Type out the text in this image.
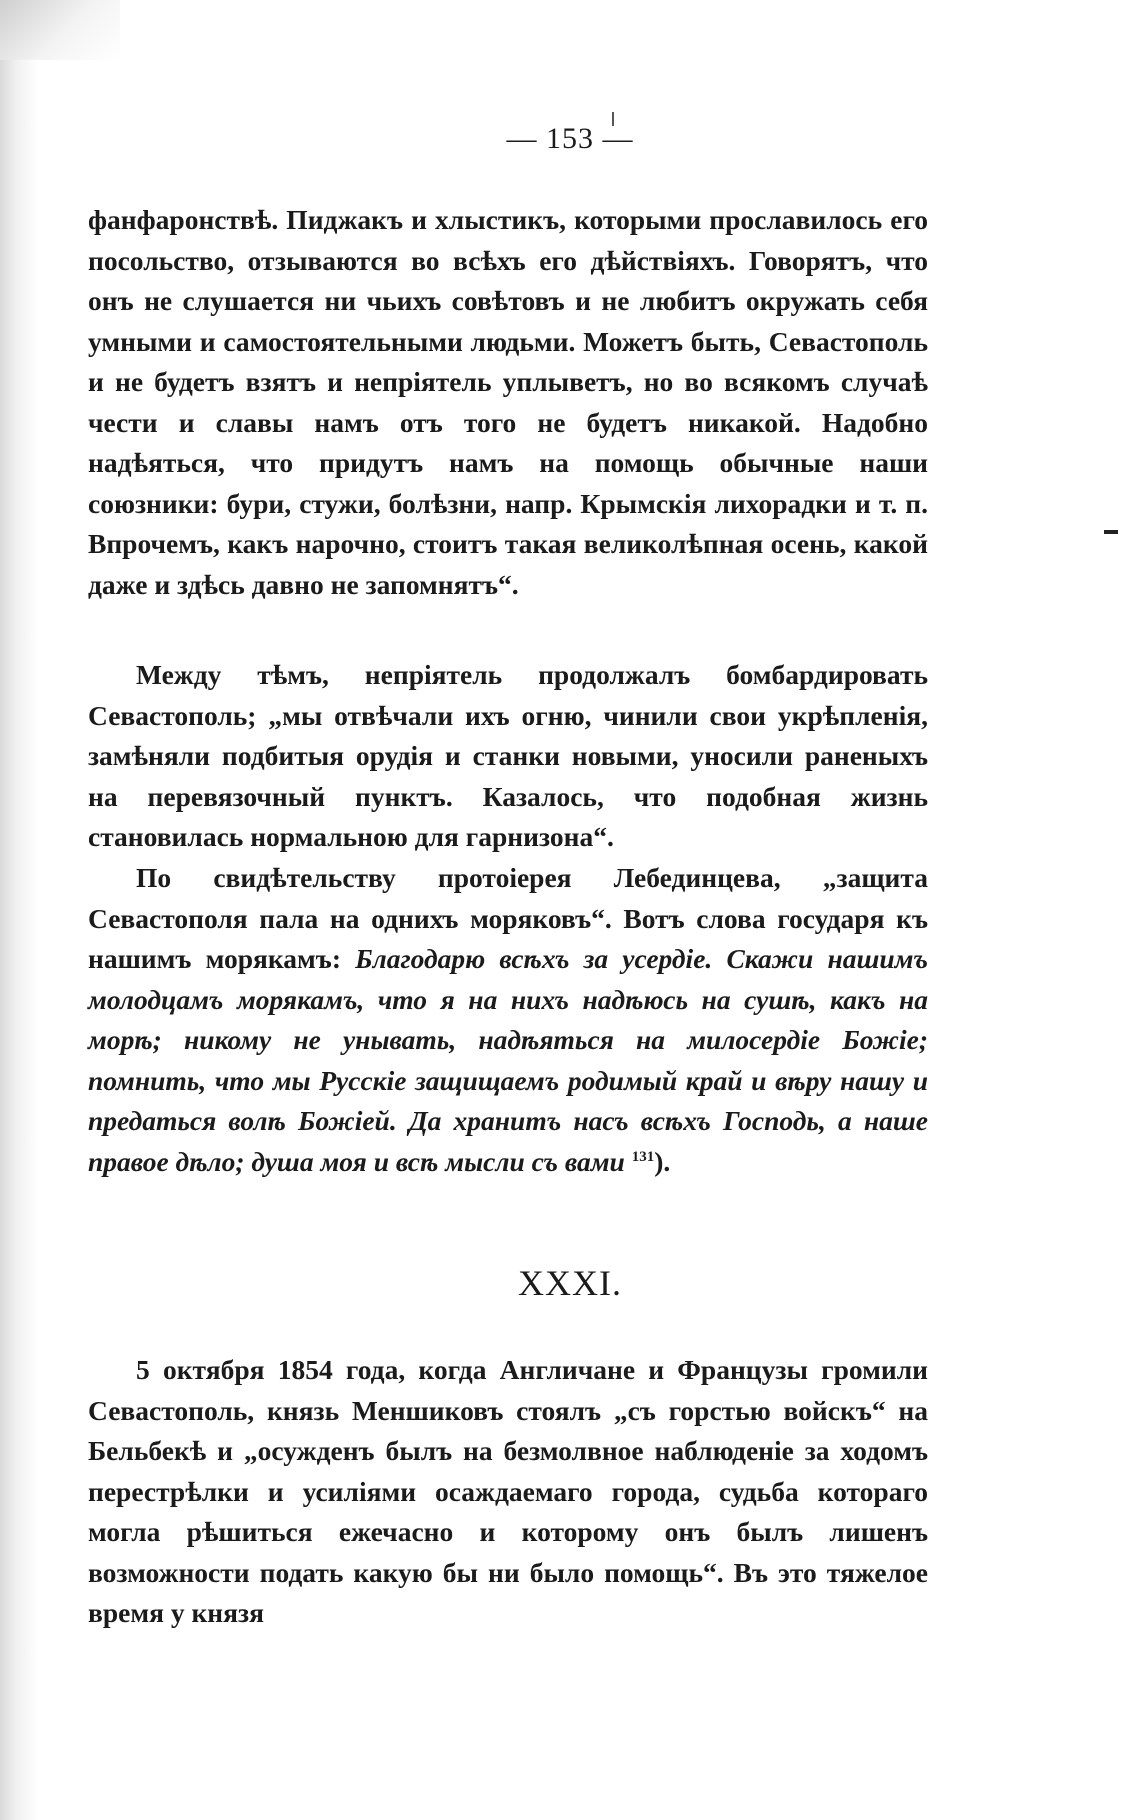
— 153 —

фанфаронствѣ. Пиджакъ и хлыстикъ, которыми прославилось его посольство, отзываются во всѣхъ его дѣйствіяхъ. Говорятъ, что онъ не слушается ни чьихъ совѣтовъ и не любитъ окружать себя умными и самостоятельными людьми. Можетъ быть, Севастополь и не будетъ взятъ и непріятель уплыветъ, но во всякомъ случаѣ чести и славы намъ отъ того не будетъ никакой. Надобно надѣяться, что придутъ намъ на помощь обычные наши союзники: бури, стужи, болѣзни, напр. Крымскія лихорадки и т. п. Впрочемъ, какъ нарочно, стоитъ такая великолѣпная осень, какой даже и здѣсь давно не запомнятъ“.

Между тѣмъ, непріятель продолжалъ бомбардировать Севастополь; „мы отвѣчали ихъ огню, чинили свои укрѣпленія, замѣняли подбитыя орудія и станки новыми, уносили раненыхъ на перевязочный пунктъ. Казалось, что подобная жизнь становилась нормальною для гарнизона“.

По свидѣтельству протоіерея Лебединцева, „защита Севастополя пала на однихъ моряковъ“. Вотъ слова государя къ нашимъ морякамъ: Благодарю всѣхъ за усердіе. Скажи нашимъ молодцамъ морякамъ, что я на нихъ надѣюсь на сушѣ, какъ на морѣ; никому не унывать, надѣяться на милосердіе Божіе; помнить, что мы Русскіе защищаемъ родимый край и вѣру нашу и предаться волѣ Божіей. Да хранитъ насъ всѣхъ Господь, а наше правое дѣло; душа моя и всѣ мысли съ вами $^{131}$).

XXXI.

5 октября 1854 года, когда Англичане и Французы громили Севастополь, князь Меншиковъ стоялъ „съ горстью войскъ“ на Бельбекѣ и „осужденъ былъ на безмолвное наблюденіе за ходомъ перестрѣлки и усиліями осаждаемаго города, судьба котораго могла рѣшиться ежечасно и которому онъ былъ лишенъ возможности подать какую бы ни было помощь“. Въ это тяжелое время у князя
